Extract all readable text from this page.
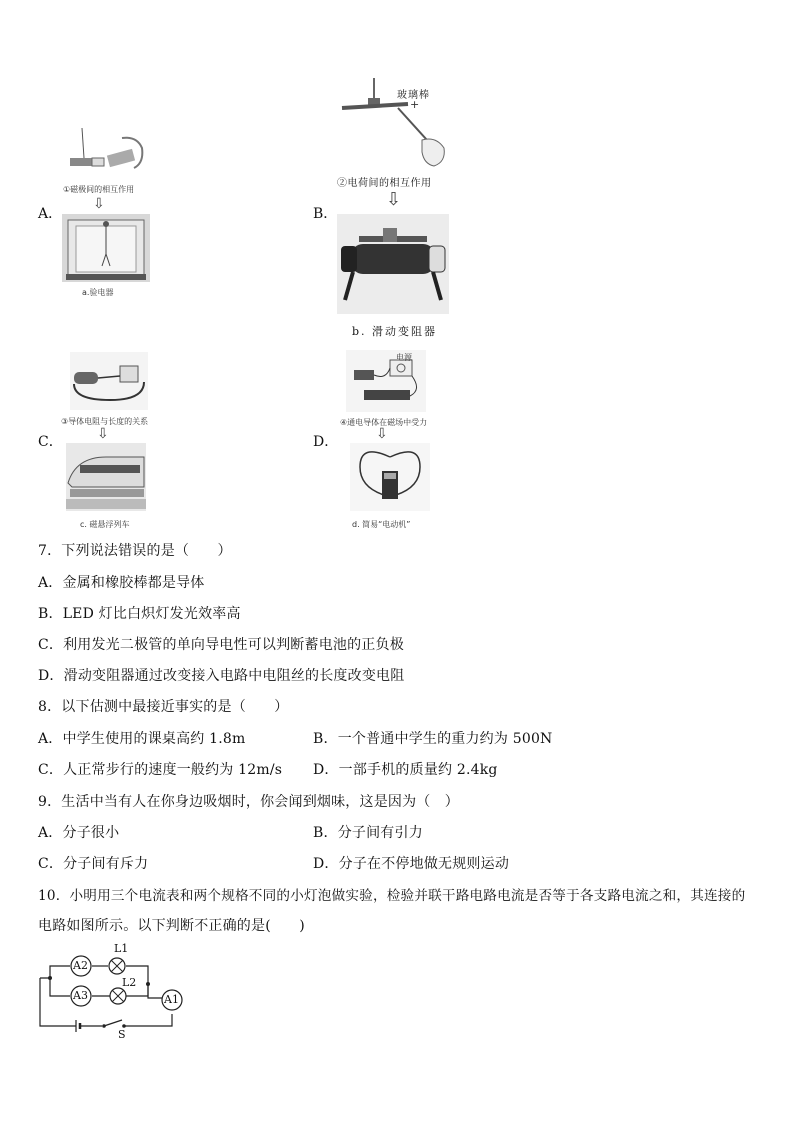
①磁极间的相互作用
A．
⇩
a.验电器
玻璃棒
+
②电荷间的相互作用
B．
⇩
b. 滑动变阻器
③导体电阻与长度的关系
C． ⇩
c. 磁悬浮列车
电源
④通电导体在磁场中受力
D．	⇩
d. 简易“电动机”
7．下列说法错误的是（　　）
A．金属和橡胶棒都是导体
B．LED 灯比白炽灯发光效率高
C．利用发光二极管的单向导电性可以判断蓄电池的正负极
D．滑动变阻器通过改变接入电路中电阻丝的长度改变电阻
8．以下估测中最接近事实的是（　　）
A．中学生使用的课桌高约 1.8m	B．一个普通中学生的重力约为 500N
C．人正常步行的速度一般约为 12m/s D．一部手机的质量约 2.4kg
9．生活中当有人在你身边吸烟时，你会闻到烟味，这是因为（　）
A．分子很小	B．分子间有引力
C．分子间有斥力	D．分子在不停地做无规则运动
10．小明用三个电流表和两个规格不同的小灯泡做实验，检验并联干路电路电流是否等于各支路电流之和，其连接的
电路如图所示。以下判断不正确的是(　　)
A2
A3	A1
L1
L2
S
